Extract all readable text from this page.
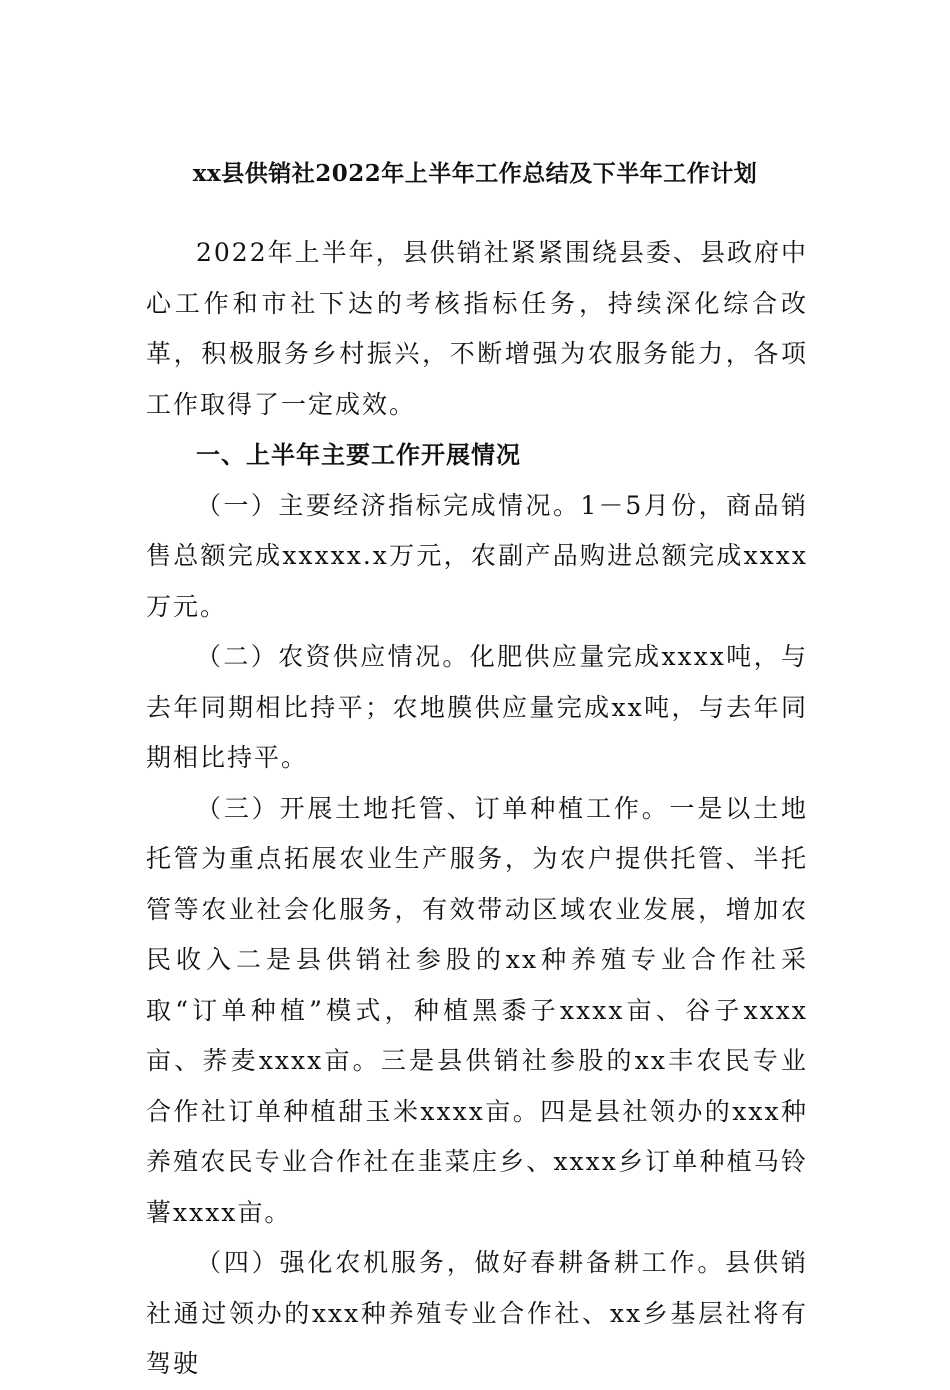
xx县供销社2022年上半年工作总结及下半年工作计划

2022年上半年，县供销社紧紧围绕县委、县政府中心工作和市社下达的考核指标任务，持续深化综合改革，积极服务乡村振兴，不断增强为农服务能力，各项工作取得了一定成效。

一、上半年主要工作开展情况

（一）主要经济指标完成情况。1－5月份，商品销售总额完成xxxxx.x万元，农副产品购进总额完成xxxx万元。

（二）农资供应情况。化肥供应量完成xxxx吨，与去年同期相比持平；农地膜供应量完成xx吨，与去年同期相比持平。

（三）开展土地托管、订单种植工作。一是以土地托管为重点拓展农业生产服务，为农户提供托管、半托管等农业社会化服务，有效带动区域农业发展，增加农民收入二是县供销社参股的xx种养殖专业合作社采取“订单种植”模式，种植黑黍子xxxx亩、谷子xxxx亩、荞麦xxxx亩。三是县供销社参股的xx丰农民专业合作社订单种植甜玉米xxxx亩。四是县社领办的xxx种养殖农民专业合作社在韭菜庄乡、xxxx乡订单种植马铃薯xxxx亩。

（四）强化农机服务，做好春耕备耕工作。县供销社通过领办的xxx种养殖专业合作社、xx乡基层社将有驾驶
